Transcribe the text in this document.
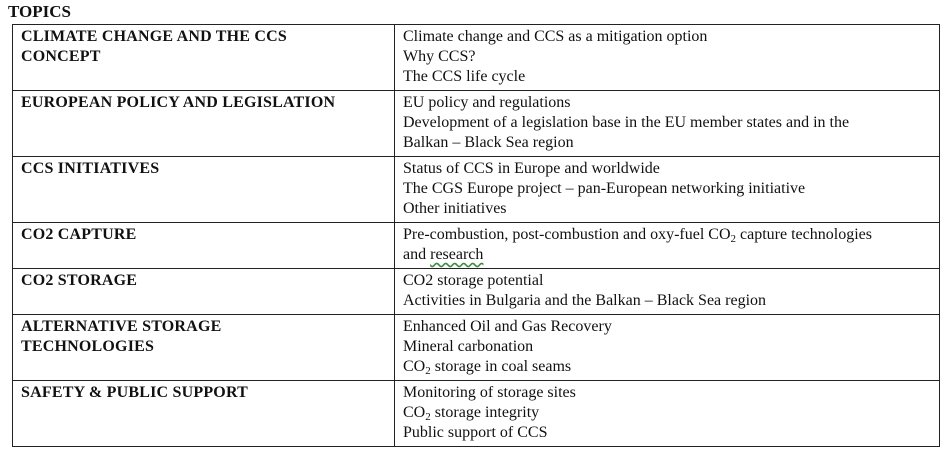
TOPICS
CLIMATE CHANGE AND THE CCS
CONCEPT	Climate change and CCS as a mitigation option
Why CCS?
The CCS life cycle

EUROPEAN POLICY AND LEGISLATION	EU policy and regulations
Development of a legislation base in the EU member states and in the
Balkan – Black Sea region

CCS INITIATIVES	Status of CCS in Europe and worldwide
The CGS Europe project – pan-European networking initiative
Other initiatives

CO2 CAPTURE	Pre-combustion, post-combustion and oxy-fuel $CO_2$ capture technologies
and research

CO2 STORAGE	CO2 storage potential
Activities in Bulgaria and the Balkan – Black Sea region

ALTERNATIVE STORAGE
TECHNOLOGIES	Enhanced Oil and Gas Recovery
Mineral carbonation
$CO_2$ storage in coal seams

SAFETY & PUBLIC SUPPORT	Monitoring of storage sites
$CO_2$ storage integrity
Public support of CCS
